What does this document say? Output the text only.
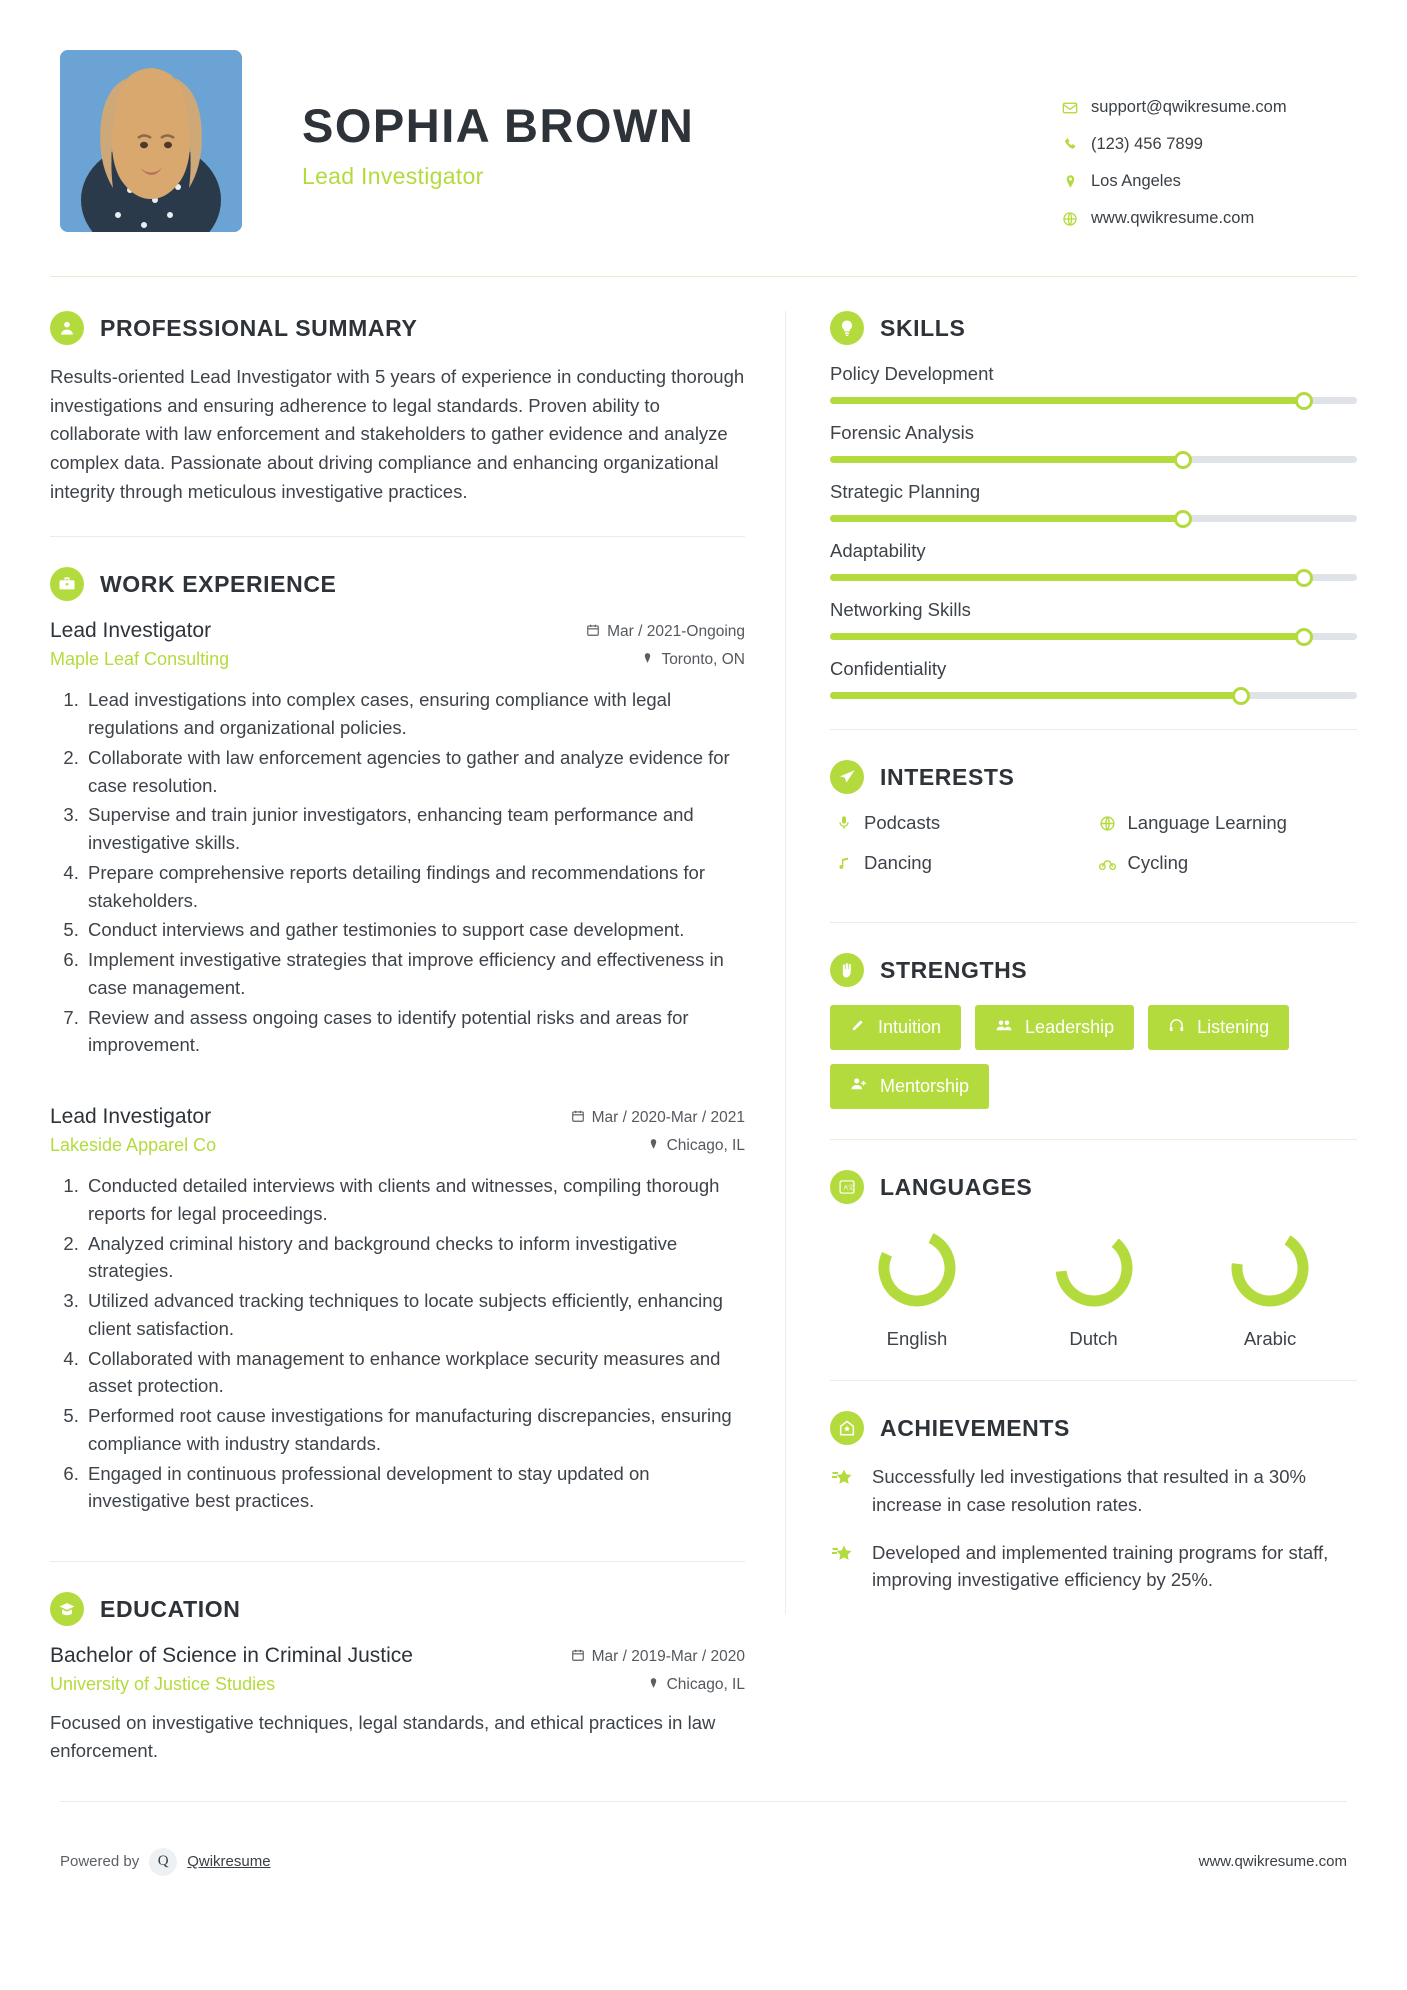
SOPHIA BROWN
Lead Investigator
support@qwikresume.com
(123) 456 7899
Los Angeles
www.qwikresume.com
PROFESSIONAL SUMMARY
Results-oriented Lead Investigator with 5 years of experience in conducting thorough investigations and ensuring adherence to legal standards. Proven ability to collaborate with law enforcement and stakeholders to gather evidence and analyze complex data. Passionate about driving compliance and enhancing organizational integrity through meticulous investigative practices.
WORK EXPERIENCE
Lead Investigator	Mar / 2021-Ongoing
Maple Leaf Consulting	Toronto, ON
1. Lead investigations into complex cases, ensuring compliance with legal regulations and organizational policies.
2. Collaborate with law enforcement agencies to gather and analyze evidence for case resolution.
3. Supervise and train junior investigators, enhancing team performance and investigative skills.
4. Prepare comprehensive reports detailing findings and recommendations for stakeholders.
5. Conduct interviews and gather testimonies to support case development.
6. Implement investigative strategies that improve efficiency and effectiveness in case management.
7. Review and assess ongoing cases to identify potential risks and areas for improvement.
Lead Investigator	Mar / 2020-Mar / 2021
Lakeside Apparel Co	Chicago, IL
1. Conducted detailed interviews with clients and witnesses, compiling thorough reports for legal proceedings.
2. Analyzed criminal history and background checks to inform investigative strategies.
3. Utilized advanced tracking techniques to locate subjects efficiently, enhancing client satisfaction.
4. Collaborated with management to enhance workplace security measures and asset protection.
5. Performed root cause investigations for manufacturing discrepancies, ensuring compliance with industry standards.
6. Engaged in continuous professional development to stay updated on investigative best practices.
EDUCATION
Bachelor of Science in Criminal Justice	Mar / 2019-Mar / 2020
University of Justice Studies	Chicago, IL
Focused on investigative techniques, legal standards, and ethical practices in law enforcement.
SKILLS
Policy Development
Forensic Analysis
Strategic Planning
Adaptability
Networking Skills
Confidentiality
INTERESTS
Podcasts	Language Learning
Dancing	Cycling
STRENGTHS
Intuition	Leadership	Listening
Mentorship
A 文 LANGUAGES
English	Dutch	Arabic
ACHIEVEMENTS
Successfully led investigations that resulted in a 30% increase in case resolution rates.
Developed and implemented training programs for staff, improving investigative efficiency by 25%.
Powered by	Q	Qwikresume	www.qwikresume.com
